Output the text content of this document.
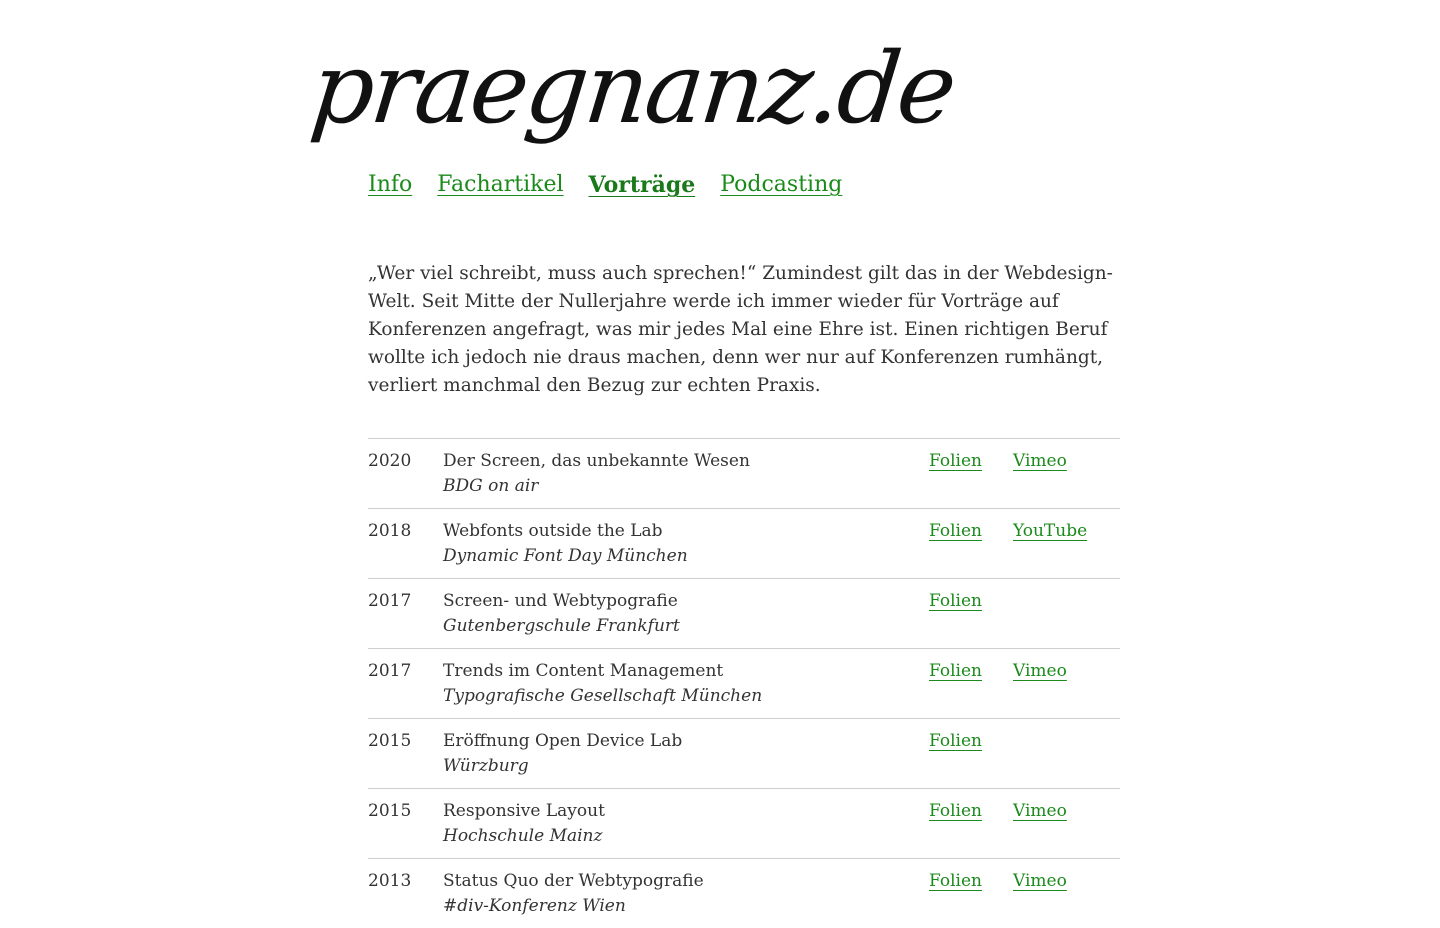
praegnanz.de
Info Fachartikel Vorträge Podcasting

„Wer viel schreibt, muss auch sprechen!“ Zumindest gilt das in der Webdesign-Welt. Seit Mitte der Nullerjahre werde ich immer wieder für Vorträge auf Konferenzen angefragt, was mir jedes Mal eine Ehre ist. Einen richtigen Beruf wollte ich jedoch nie draus machen, denn wer nur auf Konferenzen rumhängt, verliert manchmal den Bezug zur echten Praxis.

2020 Der Screen, das unbekannte Wesen
BDG on air
Folien Vimeo
2018 Webfonts outside the Lab
Dynamic Font Day München
Folien YouTube
2017 Screen- und Webtypografie
Gutenbergschule Frankfurt
Folien
2017 Trends im Content Management
Typografische Gesellschaft München
Folien Vimeo
2015 Eröffnung Open Device Lab
Würzburg
Folien
2015 Responsive Layout
Hochschule Mainz
Folien Vimeo
2013 Status Quo der Webtypografie
#div-Konferenz Wien
Folien Vimeo
